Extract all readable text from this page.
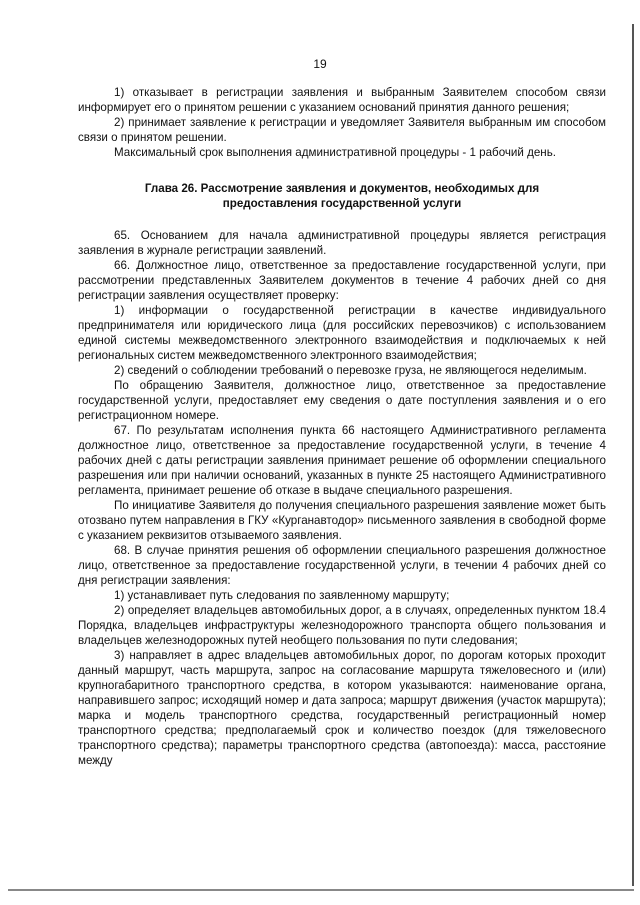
19

1) отказывает в регистрации заявления и выбранным Заявителем способом связи информирует его о принятом решении с указанием оснований принятия данного решения;

2) принимает заявление к регистрации и уведомляет Заявителя выбранным им способом связи о принятом решении.

Максимальный срок выполнения административной процедуры - 1 рабочий день.

Глава 26. Рассмотрение заявления и документов, необходимых для
предоставления государственной услуги

65. Основанием для начала административной процедуры является регистрация заявления в журнале регистрации заявлений.

66. Должностное лицо, ответственное за предоставление государственной услуги, при рассмотрении представленных Заявителем документов в течение 4 рабочих дней со дня регистрации заявления осуществляет проверку:

1) информации о государственной регистрации в качестве индивидуального предпринимателя или юридического лица (для российских перевозчиков) с использованием единой системы межведомственного электронного взаимодействия и подключаемых к ней региональных систем межведомственного электронного взаимодействия;

2) сведений о соблюдении требований о перевозке груза, не являющегося неделимым.

По обращению Заявителя, должностное лицо, ответственное за предоставление государственной услуги, предоставляет ему сведения о дате поступления заявления и о его регистрационном номере.

67. По результатам исполнения пункта 66 настоящего Административного регламента должностное лицо, ответственное за предоставление государственной услуги, в течение 4 рабочих дней с даты регистрации заявления принимает решение об оформлении специального разрешения или при наличии оснований, указанных в пункте 25 настоящего Административного регламента, принимает решение об отказе в выдаче специального разрешения.

По инициативе Заявителя до получения специального разрешения заявление может быть отозвано путем направления в ГКУ «Курганавтодор» письменного заявления в свободной форме с указанием реквизитов отзываемого заявления.

68. В случае принятия решения об оформлении специального разрешения должностное лицо, ответственное за предоставление государственной услуги, в течении 4 рабочих дней со дня регистрации заявления:

1) устанавливает путь следования по заявленному маршруту;

2) определяет владельцев автомобильных дорог, а в случаях, определенных пунктом 18.4 Порядка, владельцев инфраструктуры железнодорожного транспорта общего пользования и владельцев железнодорожных путей необщего пользования по пути следования;

3) направляет в адрес владельцев автомобильных дорог, по дорогам которых проходит данный маршрут, часть маршрута, запрос на согласование маршрута тяжеловесного и (или) крупногабаритного транспортного средства, в котором указываются: наименование органа, направившего запрос; исходящий номер и дата запроса; маршрут движения (участок маршрута); марка и модель транспортного средства, государственный регистрационный номер транспортного средства; предполагаемый срок и количество поездок (для тяжеловесного транспортного средства); параметры транспортного средства (автопоезда): масса, расстояние между
